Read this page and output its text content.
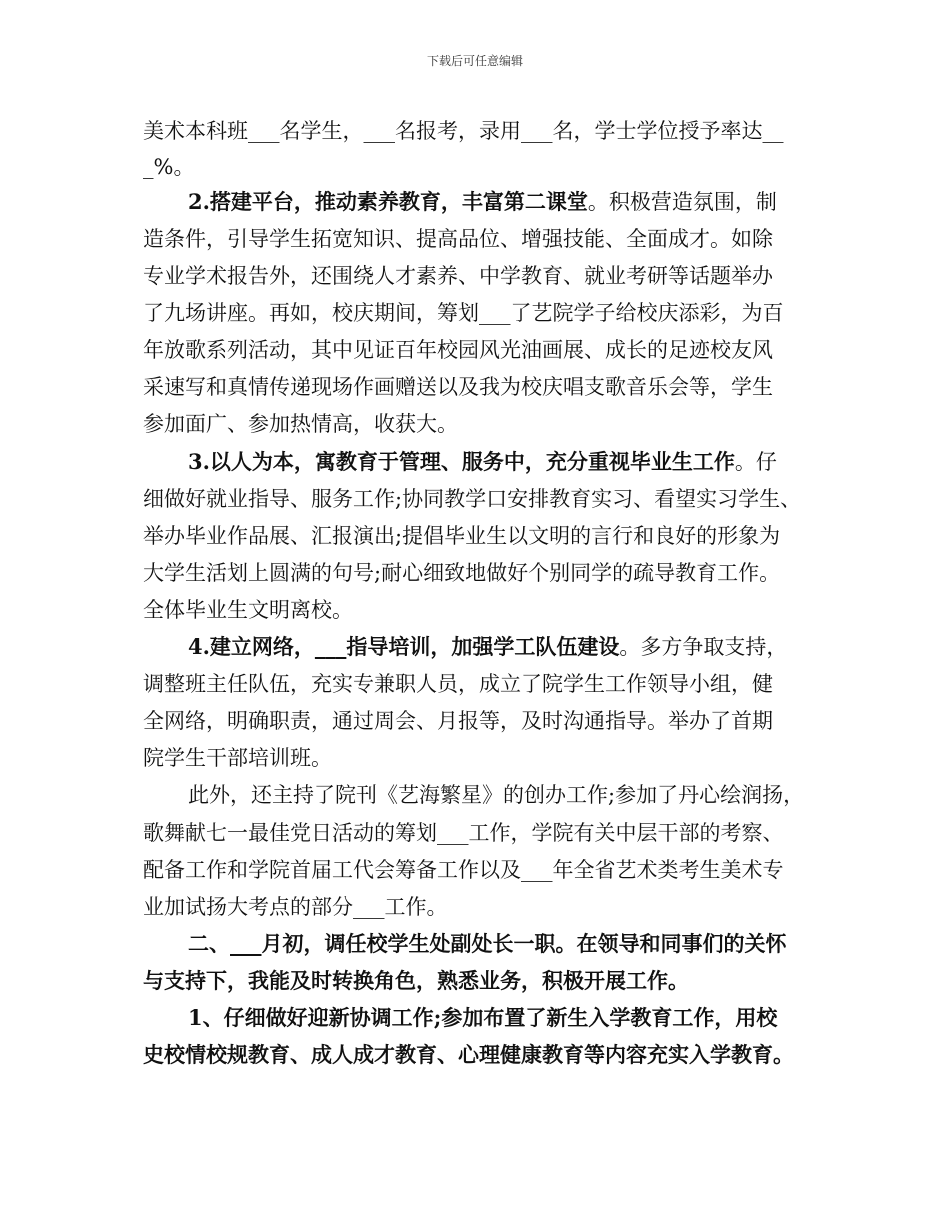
下载后可任意编辑

美术本科班___名学生，___名报考，录用___名，学士学位授予率达__

_%。

2.搭建平台，推动素养教育，丰富第二课堂。积极营造氛围，制

造条件，引导学生拓宽知识、提高品位、增强技能、全面成才。如除

专业学术报告外，还围绕人才素养、中学教育、就业考研等话题举办

了九场讲座。再如，校庆期间，筹划___了艺院学子给校庆添彩，为百

年放歌系列活动，其中见证百年校园风光油画展、成长的足迹校友风

采速写和真情传递现场作画赠送以及我为校庆唱支歌音乐会等，学生

参加面广、参加热情高，收获大。

3.以人为本，寓教育于管理、服务中，充分重视毕业生工作。仔

细做好就业指导、服务工作;协同教学口安排教育实习、看望实习学生、

举办毕业作品展、汇报演出;提倡毕业生以文明的言行和良好的形象为

大学生活划上圆满的句号;耐心细致地做好个别同学的疏导教育工作。

全体毕业生文明离校。

4.建立网络，___指导培训，加强学工队伍建设。多方争取支持，

调整班主任队伍，充实专兼职人员，成立了院学生工作领导小组，健

全网络，明确职责，通过周会、月报等，及时沟通指导。举办了首期

院学生干部培训班。

此外，还主持了院刊《艺海繁星》的创办工作;参加了丹心绘润扬，

歌舞献七一最佳党日活动的筹划___工作，学院有关中层干部的考察、

配备工作和学院首届工代会筹备工作以及___年全省艺术类考生美术专

业加试扬大考点的部分___工作。

二、___月初，调任校学生处副处长一职。在领导和同事们的关怀

与支持下，我能及时转换角色，熟悉业务，积极开展工作。

1、仔细做好迎新协调工作;参加布置了新生入学教育工作，用校

史校情校规教育、成人成才教育、心理健康教育等内容充实入学教育。
